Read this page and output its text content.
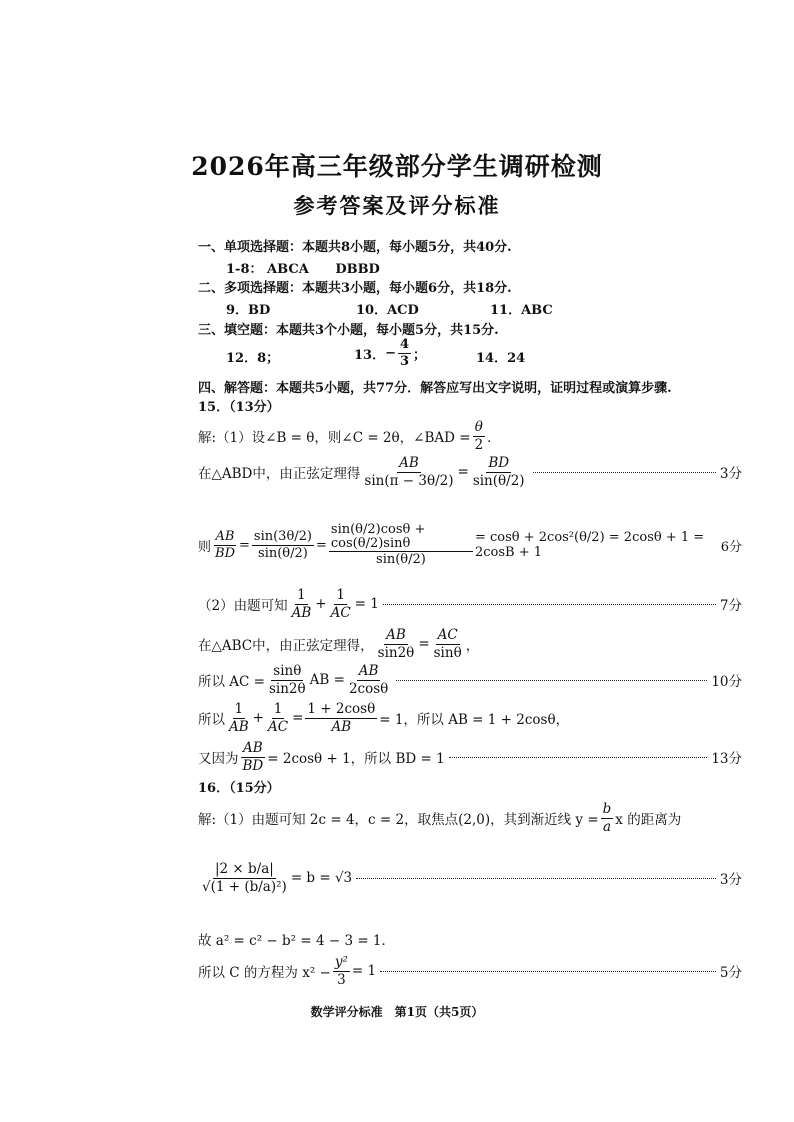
2026年高三年级部分学生调研检测
参考答案及评分标准
一、单项选择题：本题共8小题，每小题5分，共40分.
1-8： ABCA DBBD
二、多项选择题：本题共3小题，每小题6分，共18分.
9．BD	10．ACD	11．ABC
三、填空题：本题共3个小题，每小题5分，共15分.
12．8；	13． − $\frac{4}{3}$ ；	14．24
四、解答题：本题共5小题，共77分．解答应写出文字说明，证明过程或演算步骤.
15．（13分）
解:（1）设∠B = θ，则∠C = 2θ，∠BAD = $\frac{\theta}{2}$ ．
在△ABD中，由正弦定理得 $\frac{AB}{\sin(\pi - 3\theta/2)} = \frac{BD}{\sin(\theta/2)}$	3分
则 $\frac{AB}{BD} = \frac{\sin(3\theta/2)}{\sin(\theta/2)} = \frac{\sin(\theta/2)\cos\theta + \cos(\theta/2)\sin\theta}{\sin(\theta/2)} = \cos\theta + 2\cos^2(\theta/2) = 2\cos\theta + 1 = 2\cos B + 1$	6分
（2）由题可知 $\frac{1}{AB} + \frac{1}{AC} = 1$	7分
在△ABC中，由正弦定理得， $\frac{AB}{\sin 2\theta} = \frac{AC}{\sin\theta}$ ，
所以 AC = $\frac{\sin\theta}{\sin 2\theta}$ AB = $\frac{AB}{2\cos\theta}$	10分
所以 $\frac{1}{AB} + \frac{1}{AC} = \frac{1 + 2\cos\theta}{AB} = 1$，所以 AB = 1 + 2cosθ，
又因为 $\frac{AB}{BD} = 2\cos\theta + 1$，所以 BD = 1	13分
16．（15分）
解:（1）由题可知 2c = 4，c = 2，取焦点(2,0)，其到渐近线 $y = \frac{b}{a}$ x 的距离为
$\frac{|2 \times b/a|}{\text{√(1 + (b/a)²)}} = b = √3$	3分
故 a² = c² − b² = 4 − 3 = 1．
所以 C 的方程为 $x^2 - \frac{\text{y²}}{3} = 1$	5分
数学评分标准　第1页（共5页）
